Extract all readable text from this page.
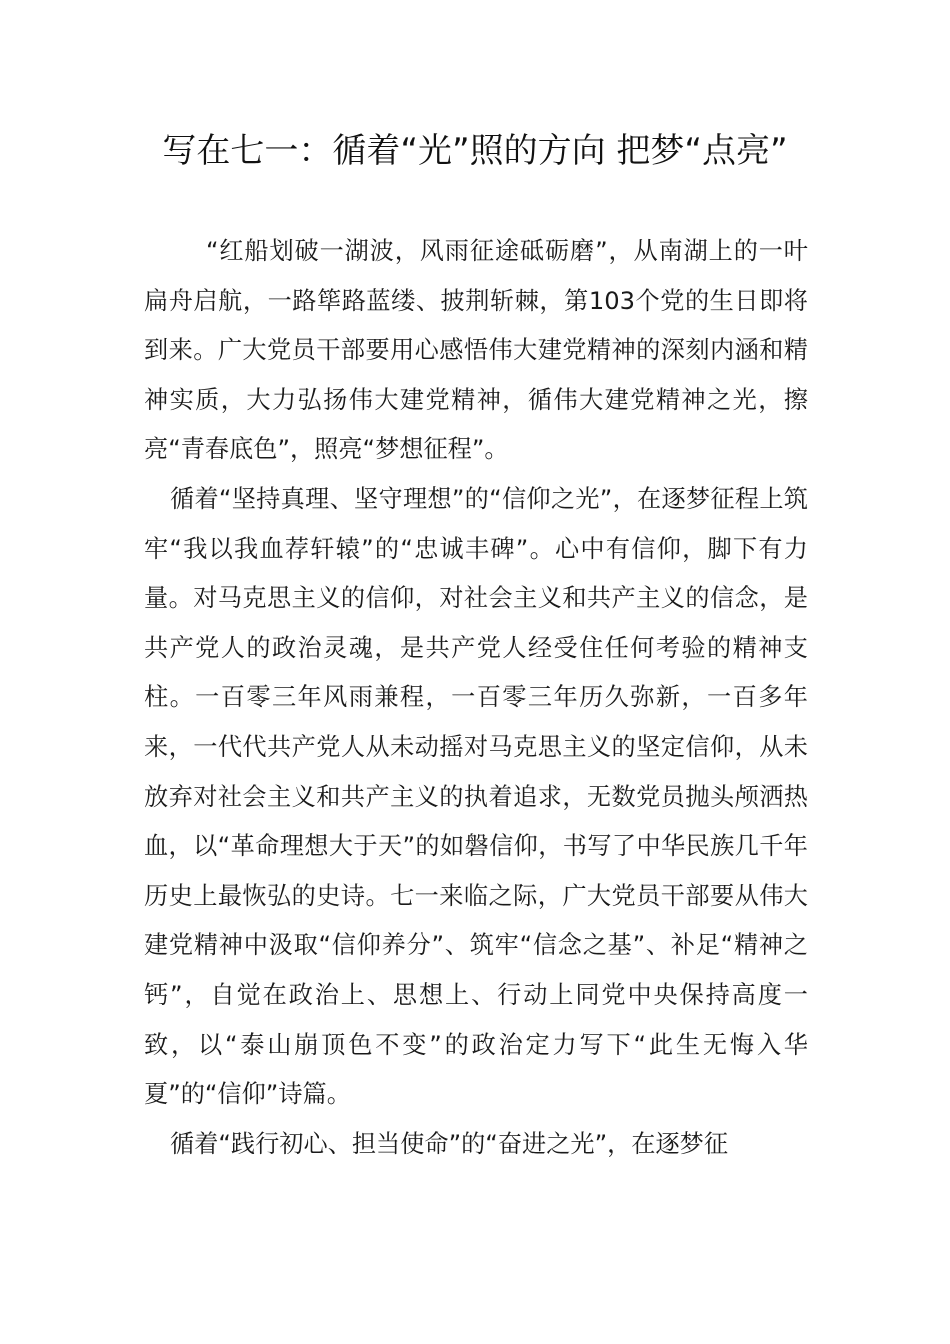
写在七一：循着“光”照的方向 把梦“点亮”

“红船划破一湖波，风雨征途砥砺磨”，从南湖上的一叶扁舟启航，一路筚路蓝缕、披荆斩棘，第103个党的生日即将到来。广大党员干部要用心感悟伟大建党精神的深刻内涵和精神实质，大力弘扬伟大建党精神，循伟大建党精神之光，擦亮“青春底色”，照亮“梦想征程”。

循着“坚持真理、坚守理想”的“信仰之光”，在逐梦征程上筑牢“我以我血荐轩辕”的“忠诚丰碑”。心中有信仰，脚下有力量。对马克思主义的信仰，对社会主义和共产主义的信念，是共产党人的政治灵魂，是共产党人经受住任何考验的精神支柱。一百零三年风雨兼程，一百零三年历久弥新，一百多年来，一代代共产党人从未动摇对马克思主义的坚定信仰，从未放弃对社会主义和共产主义的执着追求，无数党员抛头颅洒热血，以“革命理想大于天”的如磐信仰，书写了中华民族几千年历史上最恢弘的史诗。七一来临之际，广大党员干部要从伟大建党精神中汲取“信仰养分”、筑牢“信念之基”、补足“精神之钙”，自觉在政治上、思想上、行动上同党中央保持高度一致，以“泰山崩顶色不变”的政治定力写下“此生无悔入华夏”的“信仰”诗篇。

循着“践行初心、担当使命”的“奋进之光”，在逐梦征
